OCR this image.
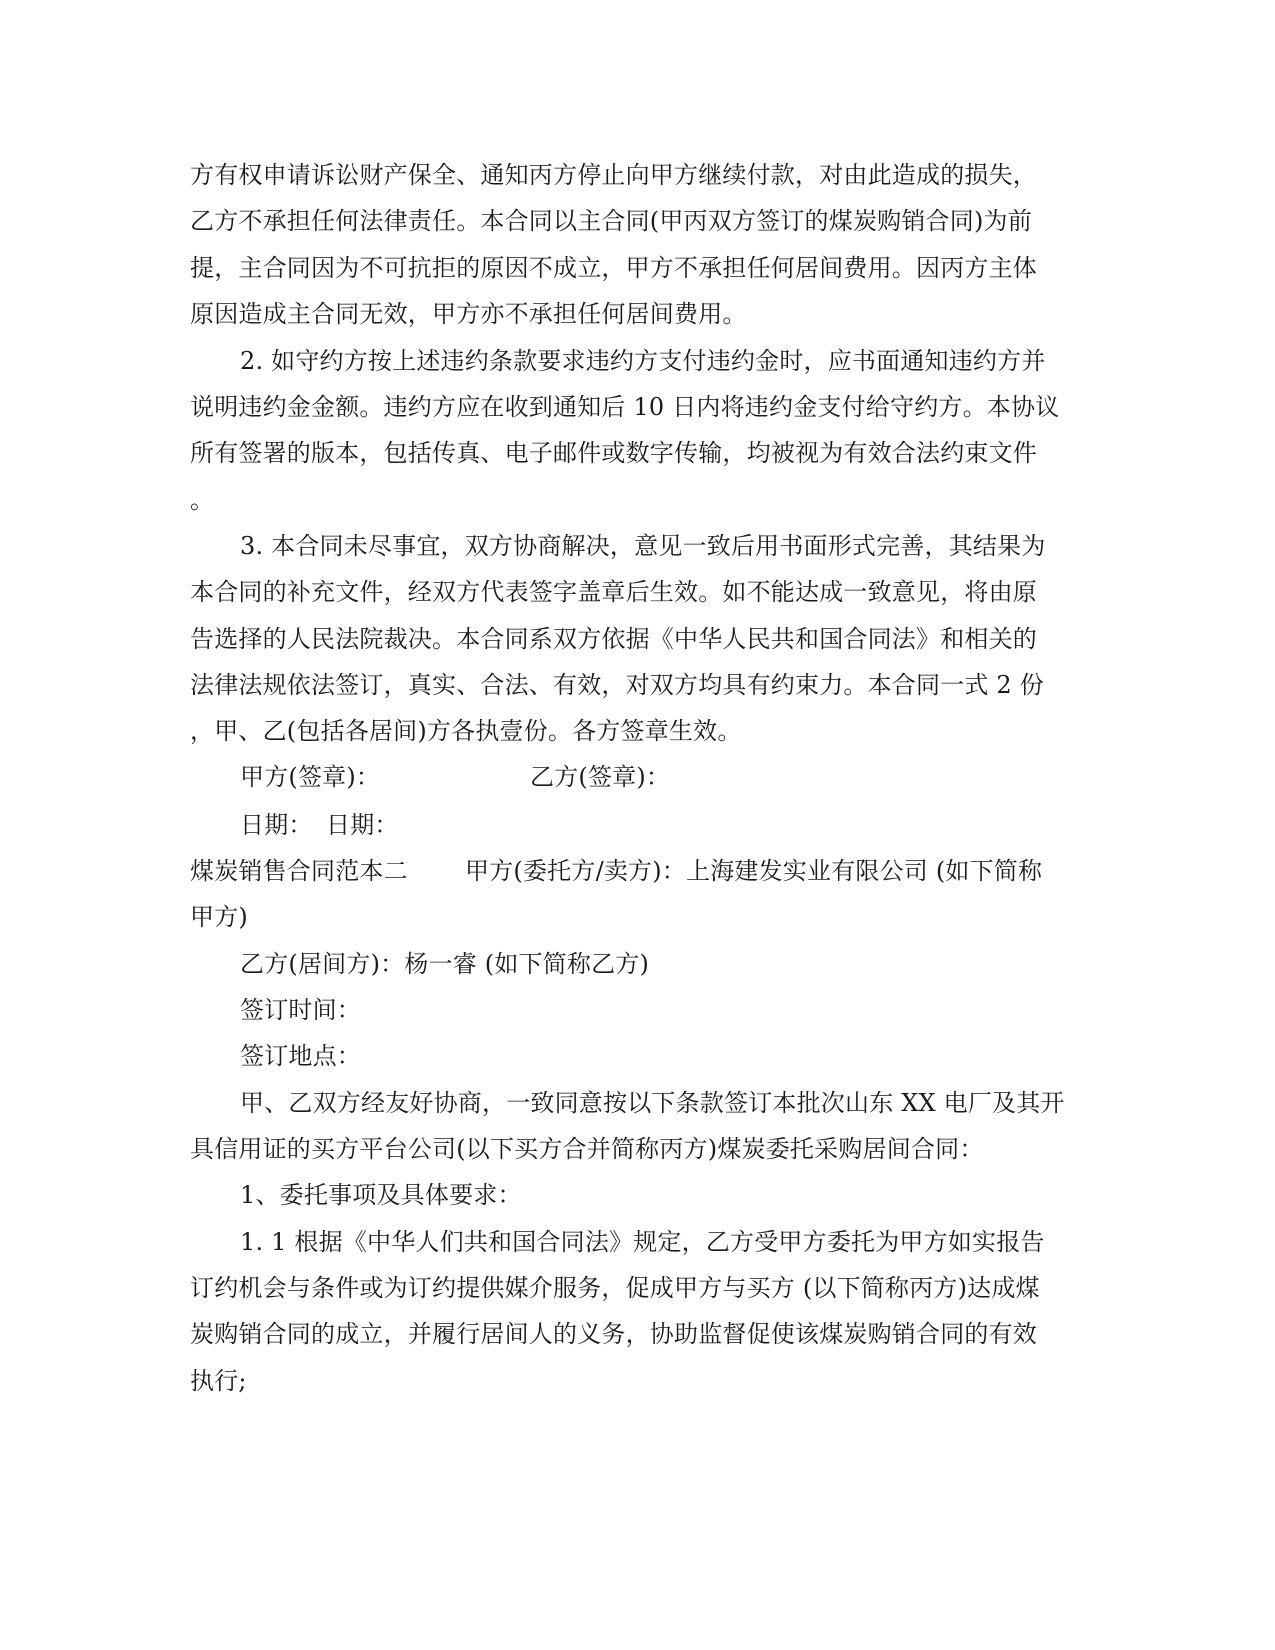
方有权申请诉讼财产保全、通知丙方停止向甲方继续付款，对由此造成的损失，
乙方不承担任何法律责任。本合同以主合同(甲丙双方签订的煤炭购销合同)为前
提，主合同因为不可抗拒的原因不成立，甲方不承担任何居间费用。因丙方主体
原因造成主合同无效，甲方亦不承担任何居间费用。
2. 如守约方按上述违约条款要求违约方支付违约金时，应书面通知违约方并
说明违约金金额。违约方应在收到通知后 10 日内将违约金支付给守约方。本协议
所有签署的版本，包括传真、电子邮件或数字传输，均被视为有效合法约束文件
。
3. 本合同未尽事宜，双方协商解决，意见一致后用书面形式完善，其结果为
本合同的补充文件，经双方代表签字盖章后生效。如不能达成一致意见，将由原
告选择的人民法院裁决。本合同系双方依据《中华人民共和国合同法》和相关的
法律法规依法签订，真实、合法、有效，对双方均具有约束力。本合同一式 2 份
，甲、乙(包括各居间)方各执壹份。各方签章生效。
甲方(签章)：	乙方(签章)：
日期： 日期：
煤炭销售合同范本二 甲方(委托方/卖方)：上海建发实业有限公司 (如下简称
甲方)
乙方(居间方)：杨一睿 (如下简称乙方)
签订时间：
签订地点：
甲、乙双方经友好协商，一致同意按以下条款签订本批次山东 XX 电厂及其开
具信用证的买方平台公司(以下买方合并简称丙方)煤炭委托采购居间合同：
1、委托事项及具体要求：
1. 1 根据《中华人们共和国合同法》规定，乙方受甲方委托为甲方如实报告
订约机会与条件或为订约提供媒介服务，促成甲方与买方 (以下简称丙方)达成煤
炭购销合同的成立，并履行居间人的义务，协助监督促使该煤炭购销合同的有效
执行;
